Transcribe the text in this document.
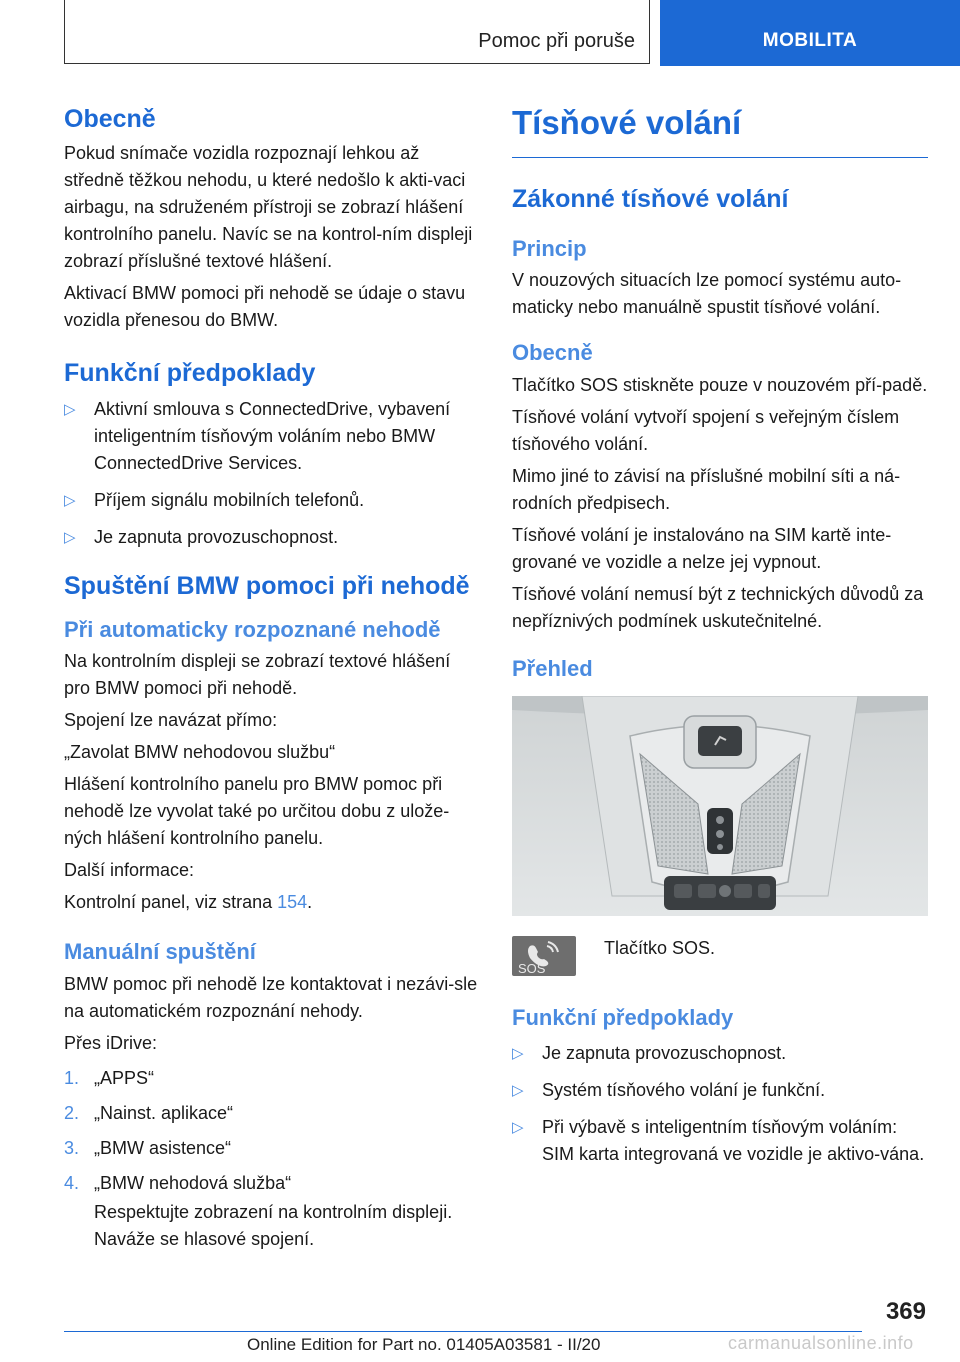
Pomoc při poruše	MOBILITA
Obecně

Pokud snímače vozidla rozpoznají lehkou až středně těžkou nehodu, u které nedošlo k akti-vaci airbagu, na sdruženém přístroji se zobrazí hlášení kontrolního panelu. Navíc se na kontrol-ním displeji zobrazí příslušné textové hlášení.

Aktivací BMW pomoci při nehodě se údaje o stavu vozidla přenesou do BMW.

Funkční předpoklady
▷ Aktivní smlouva s ConnectedDrive, vybavení inteligentním tísňovým voláním nebo BMW ConnectedDrive Services.
▷ Příjem signálu mobilních telefonů.
▷ Je zapnuta provozuschopnost.
Spuštění BMW pomoci při nehodě
Při automaticky rozpoznané nehodě

Na kontrolním displeji se zobrazí textové hlášení pro BMW pomoci při nehodě.

Spojení lze navázat přímo:

„Zavolat BMW nehodovou službu“

Hlášení kontrolního panelu pro BMW pomoc při nehodě lze vyvolat také po určitou dobu z ulože-ných hlášení kontrolního panelu.

Další informace:

Kontrolní panel, viz strana 154.

Manuální spuštění

BMW pomoc při nehodě lze kontaktovat i nezávi-sle na automatickém rozpoznání nehody.

Přes iDrive:

1. „APPS“
2. „Nainst. aplikace“
3. „BMW asistence“
4. „BMW nehodová služba“

Respektujte zobrazení na kontrolním displeji. Naváže se hlasové spojení.

Tísňové volání
Zákonné tísňové volání
Princip

V nouzových situacích lze pomocí systému auto-maticky nebo manuálně spustit tísňové volání.

Obecně

Tlačítko SOS stiskněte pouze v nouzovém pří-padě.

Tísňové volání vytvoří spojení s veřejným číslem tísňového volání.

Mimo jiné to závisí na příslušné mobilní síti a ná-rodních předpisech.

Tísňové volání je instalováno na SIM kartě inte-grované ve vozidle a nelze jej vypnout.

Tísňové volání nemusí být z technických důvodů za nepříznivých podmínek uskutečnitelné.

Přehled
SOS
Tlačítko SOS.
Funkční předpoklady
▷ Je zapnuta provozuschopnost.
▷ Systém tísňového volání je funkční.
▷ Při výbavě s inteligentním tísňovým voláním: SIM karta integrovaná ve vozidle je aktivo-vána.
369
Online Edition for Part no. 01405A03581 - II/20	carmanualsonline.info
